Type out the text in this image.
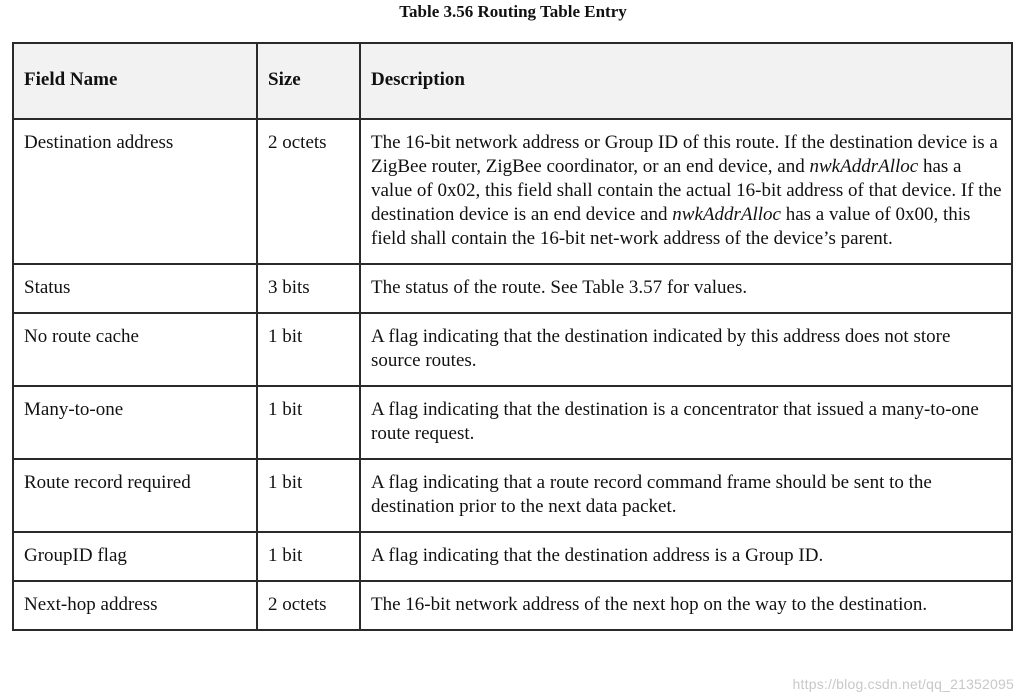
Table 3.56 Routing Table Entry
Field Name	Size	Description
Destination address	2 octets	The 16-bit network address or Group ID of this route. If the destination device is a ZigBee router, ZigBee coordinator, or an end device, and nwkAddrAlloc has a value of 0x02, this field shall contain the actual 16-bit address of that device. If the destination device is an end device and nwkAddrAlloc has a value of 0x00, this field shall contain the 16-bit net-work address of the device’s parent.
Status	3 bits	The status of the route. See Table 3.57 for values.
No route cache	1 bit	A flag indicating that the destination indicated by this address does not store source routes.
Many-to-one	1 bit	A flag indicating that the destination is a concentrator that issued a many-to-one route request.
Route record required	1 bit	A flag indicating that a route record command frame should be sent to the destination prior to the next data packet.
GroupID flag	1 bit	A flag indicating that the destination address is a Group ID.
Next-hop address	2 octets	The 16-bit network address of the next hop on the way to the destination.
https://blog.csdn.net/qq_21352095
